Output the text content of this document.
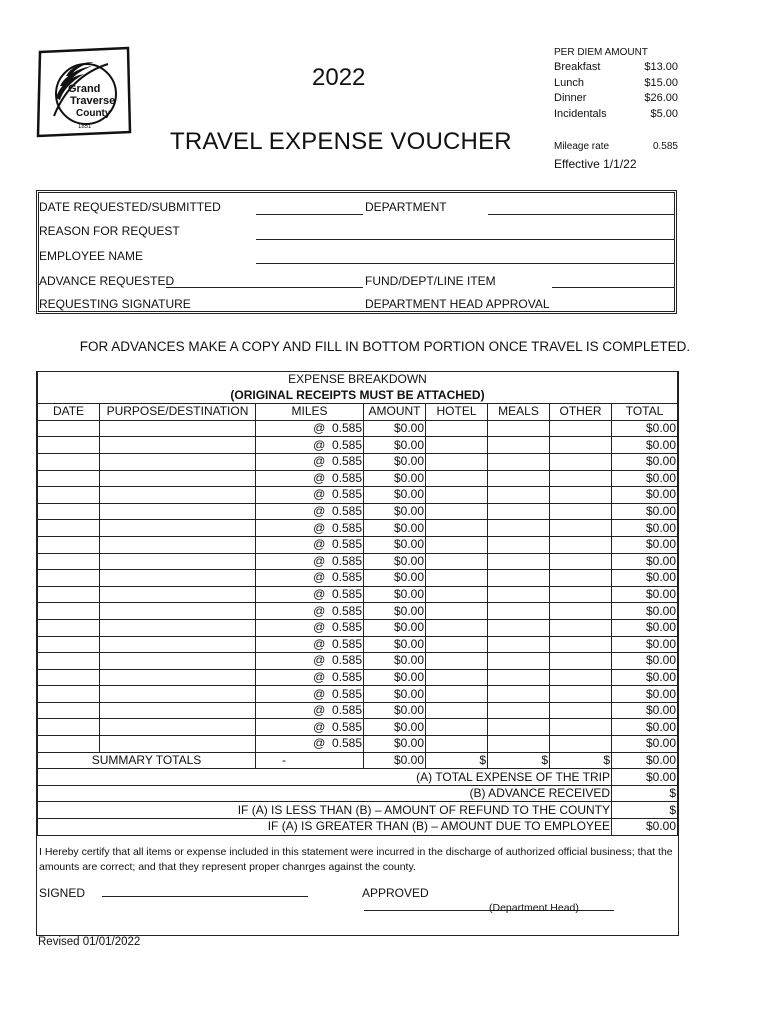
Grand
Traverse
County
1851
2022
TRAVEL EXPENSE VOUCHER
PER DIEM AMOUNT
Breakfast	$13.00
Lunch	$15.00
Dinner	$26.00
Incidentals	$5.00
Mileage rate	0.585
Effective 1/1/22
DATE REQUESTED/SUBMITTED	DEPARTMENT
REASON FOR REQUEST
EMPLOYEE NAME
ADVANCE REQUESTED	FUND/DEPT/LINE ITEM
REQUESTING SIGNATURE	DEPARTMENT HEAD APPROVAL
FOR ADVANCES MAKE A COPY AND FILL IN BOTTOM PORTION ONCE TRAVEL IS COMPLETED.
EXPENSE BREAKDOWN							
(ORIGINAL RECEIPTS MUST BE ATTACHED)							
DATE	PURPOSE/DESTINATION	MILES	AMOUNT	HOTEL	MEALS	OTHER	TOTAL
		@ 0.585	$0.00				$0.00
		@ 0.585	$0.00				$0.00
		@ 0.585	$0.00				$0.00
		@ 0.585	$0.00				$0.00
		@ 0.585	$0.00				$0.00
		@ 0.585	$0.00				$0.00
		@ 0.585	$0.00				$0.00
		@ 0.585	$0.00				$0.00
		@ 0.585	$0.00				$0.00
		@ 0.585	$0.00				$0.00
		@ 0.585	$0.00				$0.00
		@ 0.585	$0.00				$0.00
		@ 0.585	$0.00				$0.00
		@ 0.585	$0.00				$0.00
		@ 0.585	$0.00				$0.00
		@ 0.585	$0.00				$0.00
		@ 0.585	$0.00				$0.00
		@ 0.585	$0.00				$0.00
		@ 0.585	$0.00				$0.00
		@ 0.585	$0.00				$0.00
SUMMARY TOTALS		-	$0.00	$	$	$	$0.00
(A) TOTAL EXPENSE OF THE TRIP							$0.00
(B) ADVANCE RECEIVED							$
IF (A) IS LESS THAN (B) – AMOUNT OF REFUND TO THE COUNTY							$
IF (A) IS GREATER THAN (B) – AMOUNT DUE TO EMPLOYEE							$0.00
I Hereby certify that all items or expense included in this statement were incurred in the discharge of authorized official business; that the amounts are correct; and that they represent proper chanrges against the county.
SIGNED	APPROVED
(Department Head)
Revised 01/01/2022
